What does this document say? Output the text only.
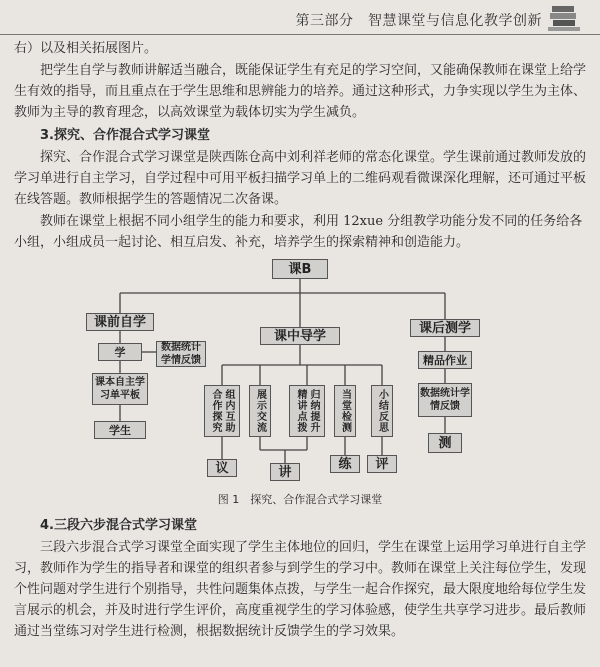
第三部分　智慧课堂与信息化教学创新

右）以及相关拓展图片。

把学生自学与教师讲解适当融合，既能保证学生有充足的学习空间，又能确保教师在课堂上给学生有效的指导，而且重点在于学生思维和思辨能力的培养。通过这种形式，力争实现以学生为主体、教师为主导的教育理念，以高效课堂为载体切实为学生减负。

3.探究、合作混合式学习课堂

探究、合作混合式学习课堂是陕西陈仓高中刘利祥老师的常态化课堂。学生课前通过教师发放的学习单进行自主学习，自学过程中可用平板扫描学习单上的二维码观看微课深化理解，还可通过平板在线答题。教师根据学生的答题情况二次备课。

教师在课堂上根据不同小组学生的能力和要求，利用 12xue 分组教学功能分发不同的任务给各小组，小组成员一起讨论、相互启发、补充，培养学生的探索精神和创造能力。

课B
课前自学
课中导学
课后测学
学	数据统计学情反馈
课本自主学习单平板
学生	组内互助合作探究	展示交流	归纳提升精讲点拨	当堂检测	小结反思
议	讲
练	评
精品作业
数据统计学情反馈
测
图 1　探究、合作混合式学习课堂
4.三段六步混合式学习课堂

三段六步混合式学习课堂全面实现了学生主体地位的回归，学生在课堂上运用学习单进行自主学习，教师作为学生的指导者和课堂的组织者参与到学生的学习中。教师在课堂上关注每位学生，发现个性问题对学生进行个别指导，共性问题集体点拨，与学生一起合作探究，最大限度地给每位学生发言展示的机会，并及时进行学生评价，高度重视学生的学习体验感，使学生共享学习进步。最后教师通过当堂练习对学生进行检测，根据数据统计反馈学生的学习效果。
